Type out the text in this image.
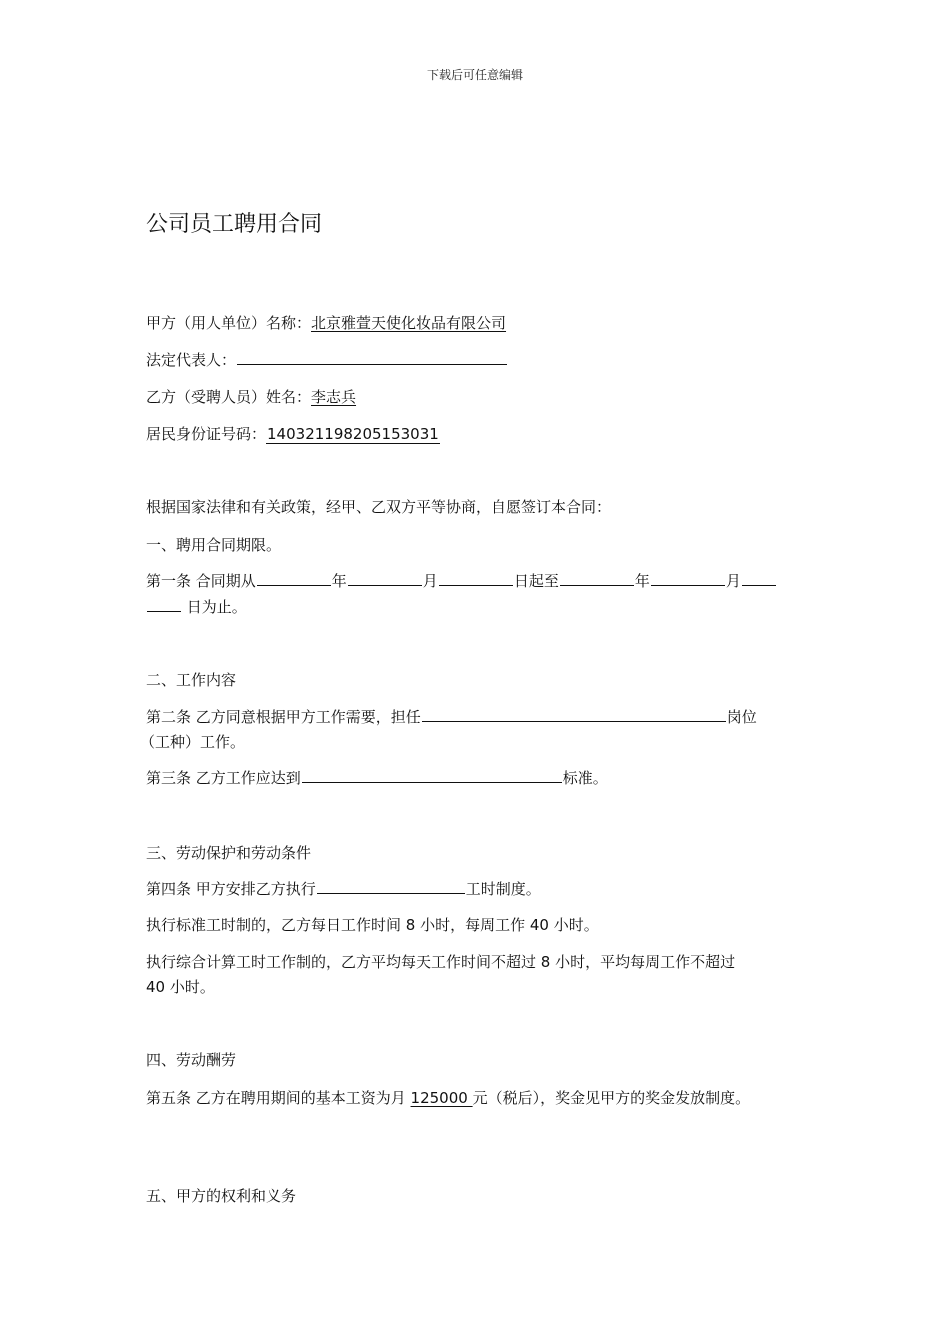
下载后可任意编辑
公司员工聘用合同
甲方（用人单位）名称：北京雅萱天使化妆品有限公司
法定代表人：
乙方（受聘人员）姓名：李志兵
居民身份证号码：140321198205153031
根据国家法律和有关政策，经甲、乙双方平等协商，自愿签订本合同：
一、聘用合同期限。
第一条 合同期从	年	月	日起至	年	月
日为止。
二、工作内容
第二条 乙方同意根据甲方工作需要，担任	岗位
（工种）工作。
第三条 乙方工作应达到	标准。
三、劳动保护和劳动条件
第四条 甲方安排乙方执行	工时制度。
执行标准工时制的，乙方每日工作时间 8 小时，每周工作 40 小时。
执行综合计算工时工作制的，乙方平均每天工作时间不超过 8 小时，平均每周工作不超过
40 小时。
四、劳动酬劳
第五条 乙方在聘用期间的基本工资为月 125000 元（税后），奖金见甲方的奖金发放制度。
五、甲方的权利和义务
